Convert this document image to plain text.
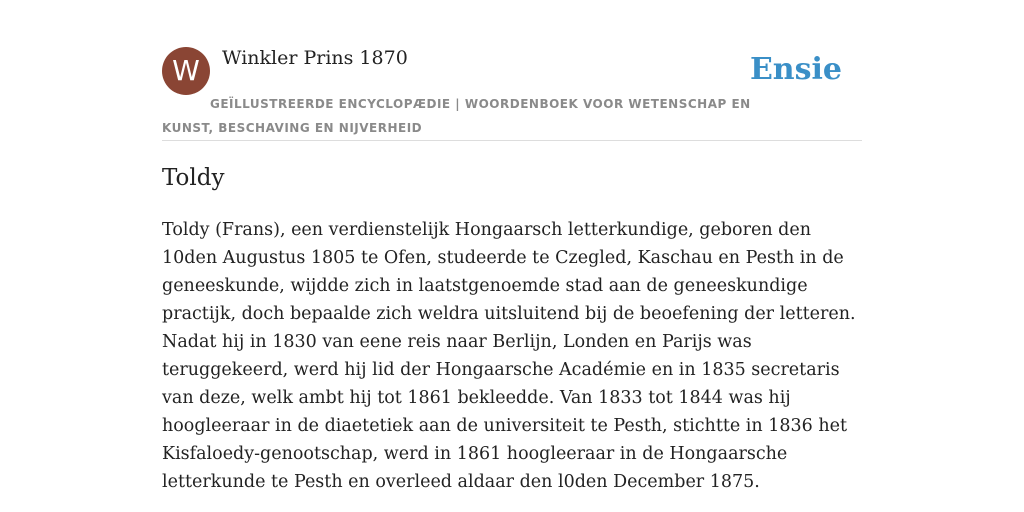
W	Winkler Prins 1870	Ensie
GEÏLLUSTREERDE ENCYCLOPÆDIE | WOORDENBOEK VOOR WETENSCHAP EN KUNST, BESCHAVING EN NIJVERHEID
Toldy

Toldy (Frans), een verdienstelijk Hongaarsch letterkundige, geboren den 10den Augustus 1805 te Ofen, studeerde te Czegled, Kaschau en Pesth in de geneeskunde, wijdde zich in laatstgenoemde stad aan de geneeskundige practijk, doch bepaalde zich weldra uitsluitend bij de beoefening der letteren. Nadat hij in 1830 van eene reis naar Berlijn, Londen en Parijs was teruggekeerd, werd hij lid der Hongaarsche Académie en in 1835 secretaris van deze, welk ambt hij tot 1861 bekleedde. Van 1833 tot 1844 was hij hoogleeraar in de diaetetiek aan de universiteit te Pesth, stichtte in 1836 het Kisfaloedy-genootschap, werd in 1861 hoogleeraar in de Hongaarsche letterkunde te Pesth en overleed aldaar den l0den December 1875.
